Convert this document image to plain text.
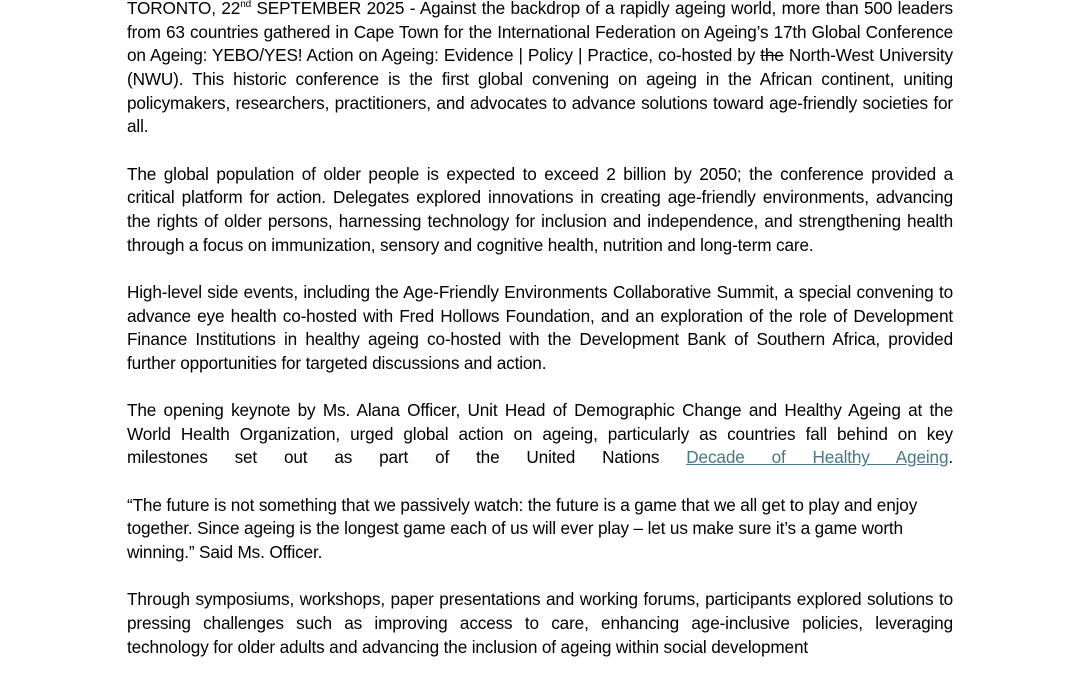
TORONTO, 22nd SEPTEMBER 2025 - Against the backdrop of a rapidly ageing world, more than 500 leaders from 63 countries gathered in Cape Town for the International Federation on Ageing’s 17th Global Conference on Ageing: YEBO/YES! Action on Ageing: Evidence | Policy | Practice, co-hosted by the North-West University (NWU). This historic conference is the first global convening on ageing in the African continent, uniting policymakers, researchers, practitioners, and advocates to advance solutions toward age-friendly societies for all.

The global population of older people is expected to exceed 2 billion by 2050; the conference provided a critical platform for action. Delegates explored innovations in creating age-friendly environments, advancing the rights of older persons, harnessing technology for inclusion and independence, and strengthening health through a focus on immunization, sensory and cognitive health, nutrition and long-term care.

High-level side events, including the Age-Friendly Environments Collaborative Summit, a special convening to advance eye health co-hosted with Fred Hollows Foundation, and an exploration of the role of Development Finance Institutions in healthy ageing co-hosted with the Development Bank of Southern Africa, provided further opportunities for targeted discussions and action.

The opening keynote by Ms. Alana Officer, Unit Head of Demographic Change and Healthy Ageing at the World Health Organization, urged global action on ageing, particularly as countries fall behind on key milestones set out as part of the United Nations Decade of Healthy Ageing.

“The future is not something that we passively watch: the future is a game that we all get to play and enjoy together. Since ageing is the longest game each of us will ever play – let us make sure it’s a game worth winning.” Said Ms. Officer.

Through symposiums, workshops, paper presentations and working forums, participants explored solutions to pressing challenges such as improving access to care, enhancing age-inclusive policies, leveraging technology for older adults and advancing the inclusion of ageing within social development
